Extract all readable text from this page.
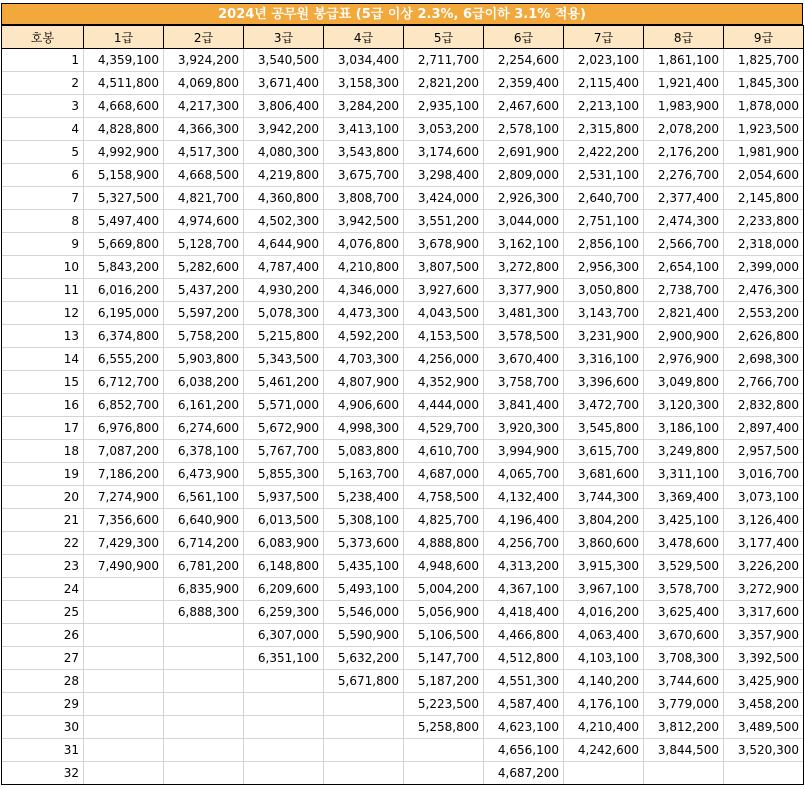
2024년 공무원 봉급표 (5급 이상 2.3%, 6급이하 3.1% 적용)
호봉	1급	2급	3급	4급	5급	6급	7급	8급	9급
1	4,359,100	3,924,200	3,540,500	3,034,400	2,711,700	2,254,600	2,023,100	1,861,100	1,825,700
2	4,511,800	4,069,800	3,671,400	3,158,300	2,821,200	2,359,400	2,115,400	1,921,400	1,845,300
3	4,668,600	4,217,300	3,806,400	3,284,200	2,935,100	2,467,600	2,213,100	1,983,900	1,878,000
4	4,828,800	4,366,300	3,942,200	3,413,100	3,053,200	2,578,100	2,315,800	2,078,200	1,923,500
5	4,992,900	4,517,300	4,080,300	3,543,800	3,174,600	2,691,900	2,422,200	2,176,200	1,981,900
6	5,158,900	4,668,500	4,219,800	3,675,700	3,298,400	2,809,000	2,531,100	2,276,700	2,054,600
7	5,327,500	4,821,700	4,360,800	3,808,700	3,424,000	2,926,300	2,640,700	2,377,400	2,145,800
8	5,497,400	4,974,600	4,502,300	3,942,500	3,551,200	3,044,000	2,751,100	2,474,300	2,233,800
9	5,669,800	5,128,700	4,644,900	4,076,800	3,678,900	3,162,100	2,856,100	2,566,700	2,318,000
10	5,843,200	5,282,600	4,787,400	4,210,800	3,807,500	3,272,800	2,956,300	2,654,100	2,399,000
11	6,016,200	5,437,200	4,930,200	4,346,000	3,927,600	3,377,900	3,050,800	2,738,700	2,476,300
12	6,195,000	5,597,200	5,078,300	4,473,300	4,043,500	3,481,300	3,143,700	2,821,400	2,553,200
13	6,374,800	5,758,200	5,215,800	4,592,200	4,153,500	3,578,500	3,231,900	2,900,900	2,626,800
14	6,555,200	5,903,800	5,343,500	4,703,300	4,256,000	3,670,400	3,316,100	2,976,900	2,698,300
15	6,712,700	6,038,200	5,461,200	4,807,900	4,352,900	3,758,700	3,396,600	3,049,800	2,766,700
16	6,852,700	6,161,200	5,571,000	4,906,600	4,444,000	3,841,400	3,472,700	3,120,300	2,832,800
17	6,976,800	6,274,600	5,672,900	4,998,300	4,529,700	3,920,300	3,545,800	3,186,100	2,897,400
18	7,087,200	6,378,100	5,767,700	5,083,800	4,610,700	3,994,900	3,615,700	3,249,800	2,957,500
19	7,186,200	6,473,900	5,855,300	5,163,700	4,687,000	4,065,700	3,681,600	3,311,100	3,016,700
20	7,274,900	6,561,100	5,937,500	5,238,400	4,758,500	4,132,400	3,744,300	3,369,400	3,073,100
21	7,356,600	6,640,900	6,013,500	5,308,100	4,825,700	4,196,400	3,804,200	3,425,100	3,126,400
22	7,429,300	6,714,200	6,083,900	5,373,600	4,888,800	4,256,700	3,860,600	3,478,600	3,177,400
23	7,490,900	6,781,200	6,148,800	5,435,100	4,948,600	4,313,200	3,915,300	3,529,500	3,226,200
24		6,835,900	6,209,600	5,493,100	5,004,200	4,367,100	3,967,100	3,578,700	3,272,900
25		6,888,300	6,259,300	5,546,000	5,056,900	4,418,400	4,016,200	3,625,400	3,317,600
26			6,307,000	5,590,900	5,106,500	4,466,800	4,063,400	3,670,600	3,357,900
27			6,351,100	5,632,200	5,147,700	4,512,800	4,103,100	3,708,300	3,392,500
28				5,671,800	5,187,200	4,551,300	4,140,200	3,744,600	3,425,900
29					5,223,500	4,587,400	4,176,100	3,779,000	3,458,200
30					5,258,800	4,623,100	4,210,400	3,812,200	3,489,500
31						4,656,100	4,242,600	3,844,500	3,520,300
32						4,687,200			
